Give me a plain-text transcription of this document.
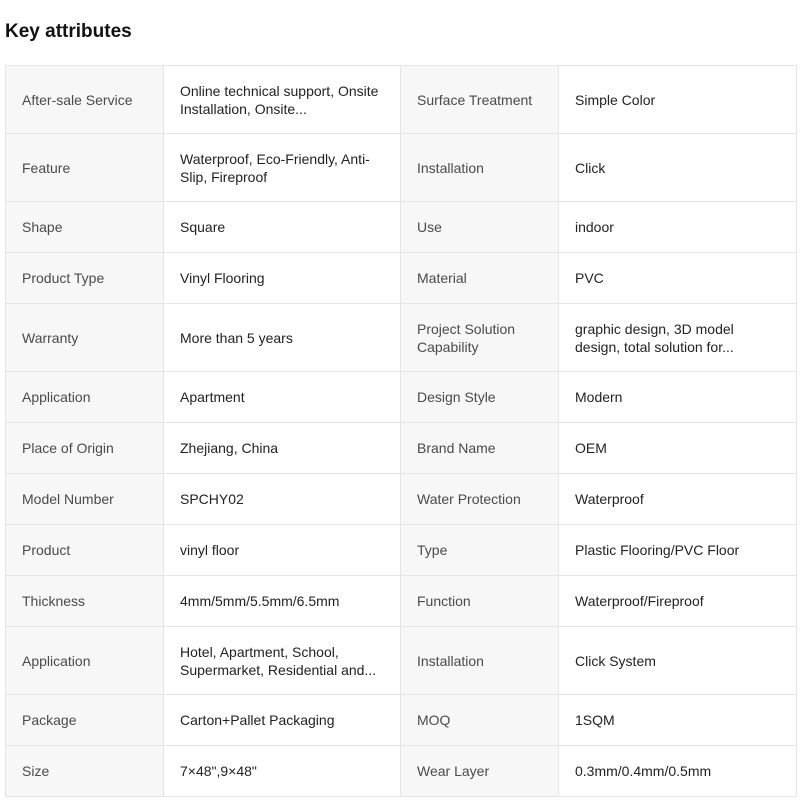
Key attributes
After-sale Service	Online technical support, Onsite Installation, Onsite...	Surface Treatment	Simple Color

Feature	Waterproof, Eco-Friendly, Anti-Slip, Fireproof	Installation	Click

Shape	Square	Use	indoor

Product Type	Vinyl Flooring	Material	PVC

Warranty	More than 5 years	Project Solution Capability	graphic design, 3D model design, total solution for...

Application	Apartment	Design Style	Modern

Place of Origin	Zhejiang, China	Brand Name	OEM

Model Number	SPCHY02	Water Protection	Waterproof

Product	vinyl floor	Type	Plastic Flooring/PVC Floor

Thickness	4mm/5mm/5.5mm/6.5mm	Function	Waterproof/Fireproof

Application	Hotel, Apartment, School, Supermarket, Residential and...	Installation	Click System

Package	Carton+Pallet Packaging	MOQ	1SQM

Size	7×48",9×48"	Wear Layer	0.3mm/0.4mm/0.5mm
